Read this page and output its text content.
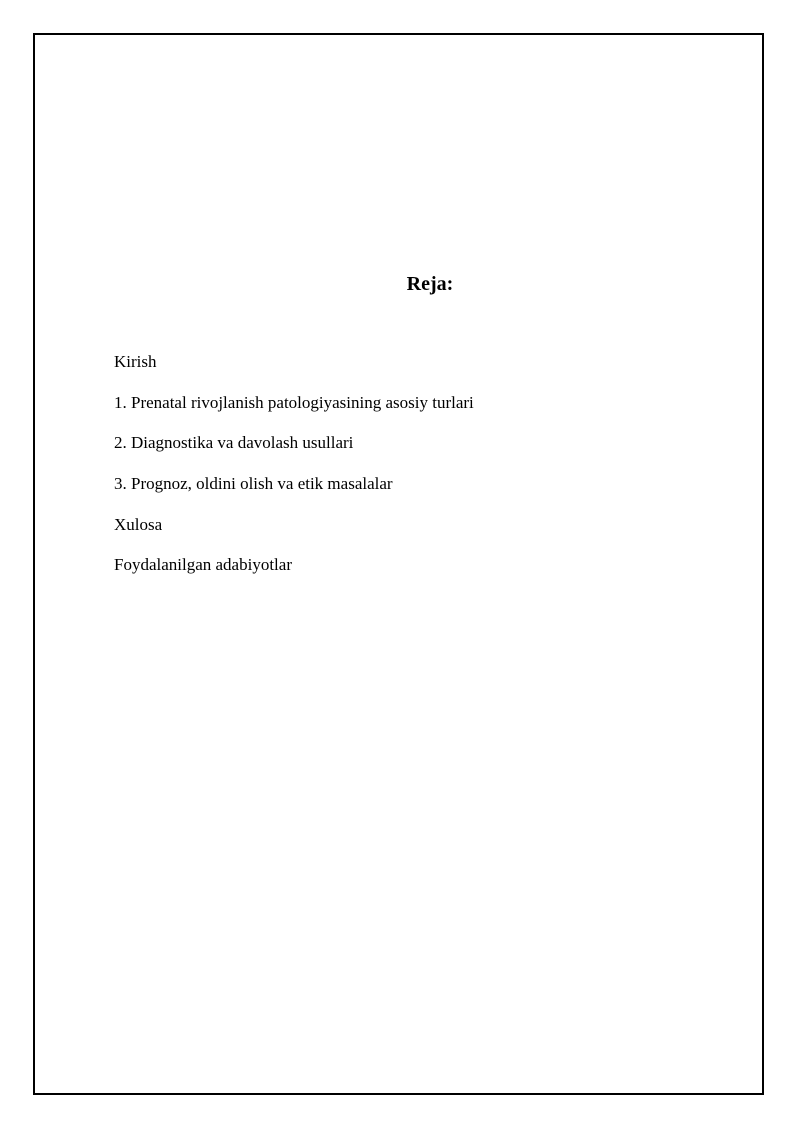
Reja:
Kirish
1. Prenatal rivojlanish patologiyasining asosiy turlari
2. Diagnostika va davolash usullari
3. Prognoz, oldini olish va etik masalalar
Xulosa
Foydalanilgan adabiyotlar
